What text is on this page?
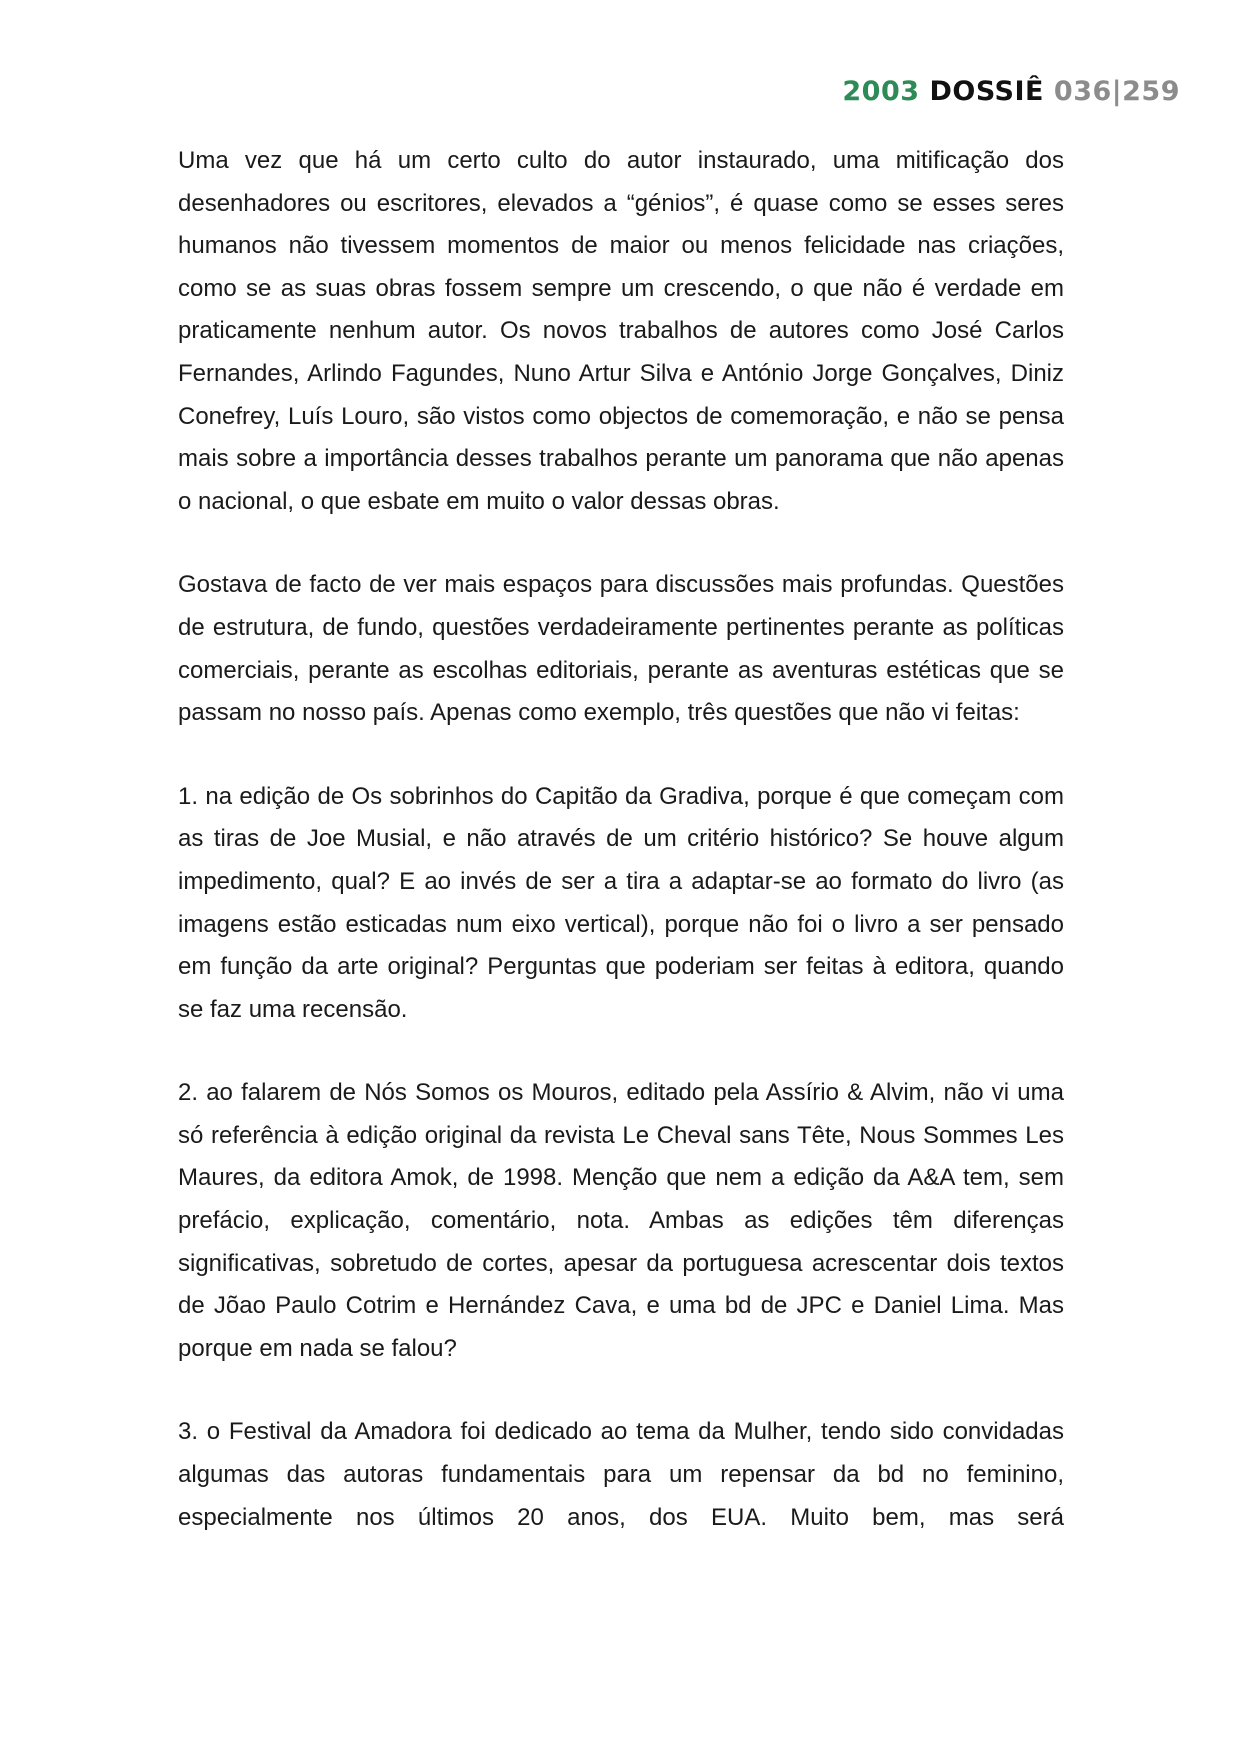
2003 DOSSIÊ 036|259

Uma vez que há um certo culto do autor instaurado, uma mitificação dos desenhadores ou escritores, elevados a “génios”, é quase como se esses seres humanos não tivessem momentos de maior ou menos felicidade nas criações, como se as suas obras fossem sempre um crescendo, o que não é verdade em praticamente nenhum autor. Os novos trabalhos de autores como José Carlos Fernandes, Arlindo Fagundes, Nuno Artur Silva e António Jorge Gonçalves, Diniz Conefrey, Luís Louro, são vistos como objectos de comemoração, e não se pensa mais sobre a importância desses trabalhos perante um panorama que não apenas o nacional, o que esbate em muito o valor dessas obras.

Gostava de facto de ver mais espaços para discussões mais profundas. Questões de estrutura, de fundo, questões verdadeiramente pertinentes perante as políticas comerciais, perante as escolhas editoriais, perante as aventuras estéticas que se passam no nosso país. Apenas como exemplo, três questões que não vi feitas:

1. na edição de Os sobrinhos do Capitão da Gradiva, porque é que começam com as tiras de Joe Musial, e não através de um critério histórico? Se houve algum impedimento, qual? E ao invés de ser a tira a adaptar-se ao formato do livro (as imagens estão esticadas num eixo vertical), porque não foi o livro a ser pensado em função da arte original? Perguntas que poderiam ser feitas à editora, quando se faz uma recensão.

2. ao falarem de Nós Somos os Mouros, editado pela Assírio & Alvim, não vi uma só referência à edição original da revista Le Cheval sans Tête, Nous Sommes Les Maures, da editora Amok, de 1998. Menção que nem a edição da A&A tem, sem prefácio, explicação, comentário, nota. Ambas as edições têm diferenças significativas, sobretudo de cortes, apesar da portuguesa acrescentar dois textos de Jõao Paulo Cotrim e Hernández Cava, e uma bd de JPC e Daniel Lima. Mas porque em nada se falou?

3. o Festival da Amadora foi dedicado ao tema da Mulher, tendo sido convidadas algumas das autoras fundamentais para um repensar da bd no feminino, especialmente nos últimos 20 anos, dos EUA. Muito bem, mas será
